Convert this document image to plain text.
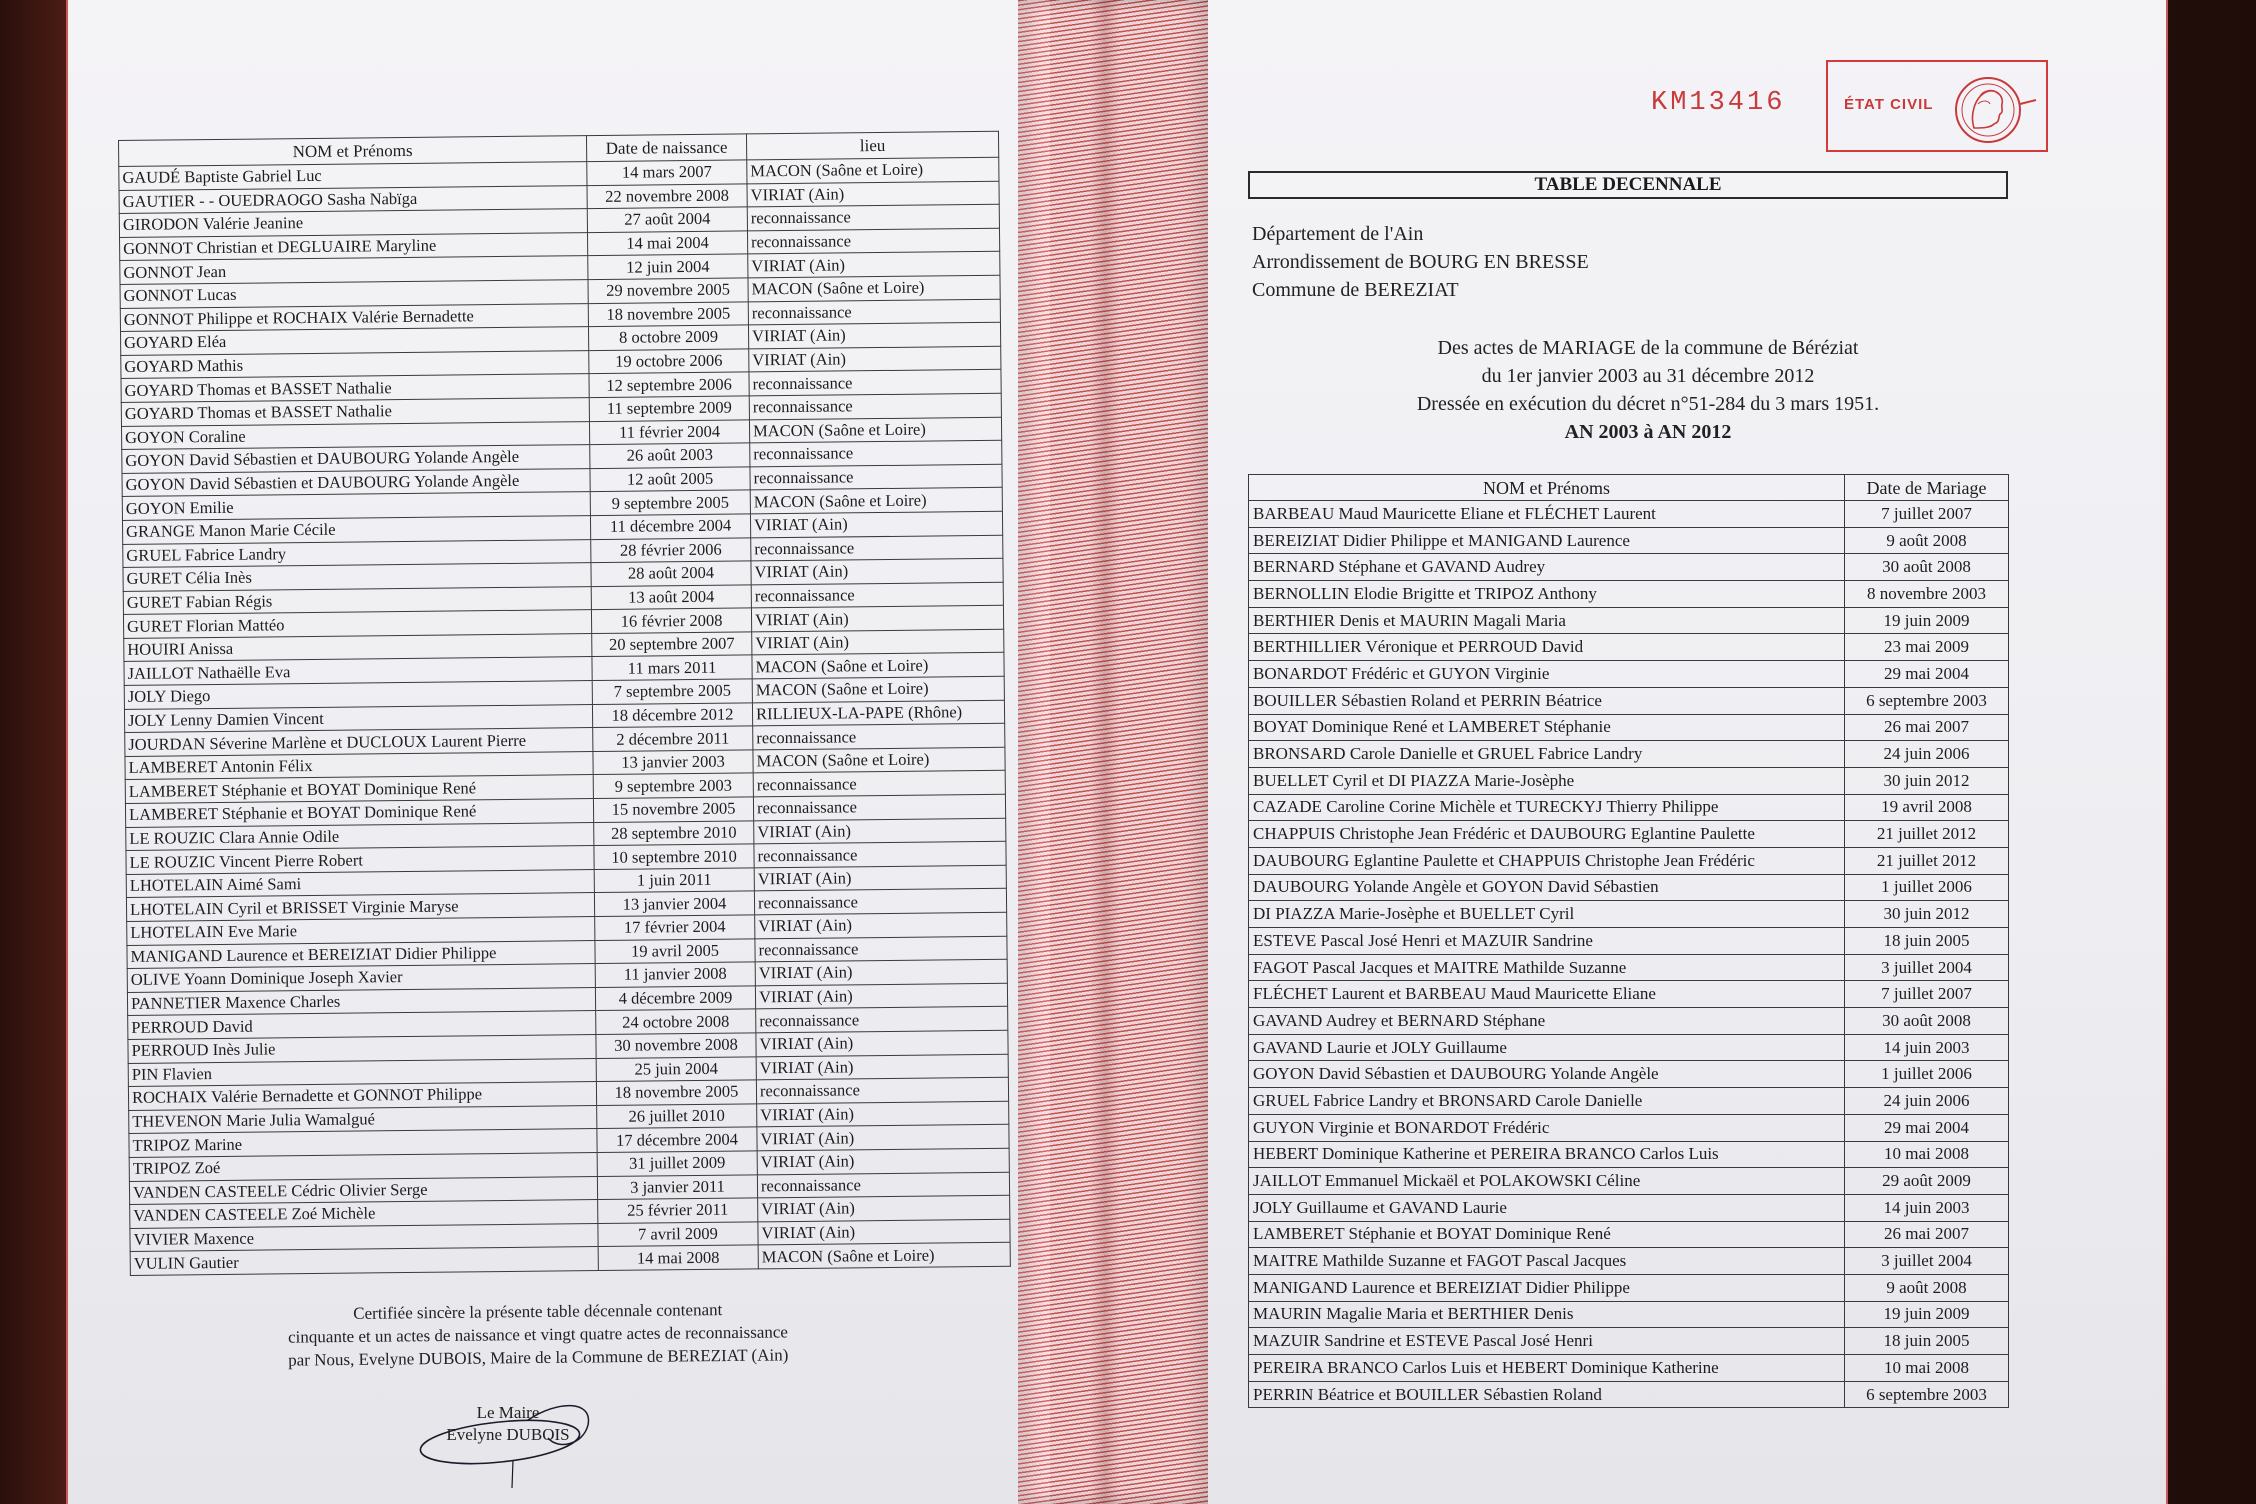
NOM et Prénoms	Date de naissance	lieu
GAUDÉ Baptiste Gabriel Luc	14 mars 2007	MACON (Saône et Loire)
GAUTIER - - OUEDRAOGO Sasha Nabïga	22 novembre 2008	VIRIAT (Ain)
GIRODON Valérie Jeanine	27 août 2004	reconnaissance
GONNOT Christian et DEGLUAIRE Maryline	14 mai 2004	reconnaissance
GONNOT Jean	12 juin 2004	VIRIAT (Ain)
GONNOT Lucas	29 novembre 2005	MACON (Saône et Loire)
GONNOT Philippe et ROCHAIX Valérie Bernadette	18 novembre 2005	reconnaissance
GOYARD Eléa	8 octobre 2009	VIRIAT (Ain)
GOYARD Mathis	19 octobre 2006	VIRIAT (Ain)
GOYARD Thomas et BASSET Nathalie	12 septembre 2006	reconnaissance
GOYARD Thomas et BASSET Nathalie	11 septembre 2009	reconnaissance
GOYON Coraline	11 février 2004	MACON (Saône et Loire)
GOYON David Sébastien et DAUBOURG Yolande Angèle	26 août 2003	reconnaissance
GOYON David Sébastien et DAUBOURG Yolande Angèle	12 août 2005	reconnaissance
GOYON Emilie	9 septembre 2005	MACON (Saône et Loire)
GRANGE Manon Marie Cécile	11 décembre 2004	VIRIAT (Ain)
GRUEL Fabrice Landry	28 février 2006	reconnaissance
GURET Célia Inès	28 août 2004	VIRIAT (Ain)
GURET Fabian Régis	13 août 2004	reconnaissance
GURET Florian Mattéo	16 février 2008	VIRIAT (Ain)
HOUIRI Anissa	20 septembre 2007	VIRIAT (Ain)
JAILLOT Nathaëlle Eva	11 mars 2011	MACON (Saône et Loire)
JOLY Diego	7 septembre 2005	MACON (Saône et Loire)
JOLY Lenny Damien Vincent	18 décembre 2012	RILLIEUX-LA-PAPE (Rhône)
JOURDAN Séverine Marlène et DUCLOUX Laurent Pierre	2 décembre 2011	reconnaissance
LAMBERET Antonin Félix	13 janvier 2003	MACON (Saône et Loire)
LAMBERET Stéphanie et BOYAT Dominique René	9 septembre 2003	reconnaissance
LAMBERET Stéphanie et BOYAT Dominique René	15 novembre 2005	reconnaissance
LE ROUZIC Clara Annie Odile	28 septembre 2010	VIRIAT (Ain)
LE ROUZIC Vincent Pierre Robert	10 septembre 2010	reconnaissance
LHOTELAIN Aimé Sami	1 juin 2011	VIRIAT (Ain)
LHOTELAIN Cyril et BRISSET Virginie Maryse	13 janvier 2004	reconnaissance
LHOTELAIN Eve Marie	17 février 2004	VIRIAT (Ain)
MANIGAND Laurence et BEREIZIAT Didier Philippe	19 avril 2005	reconnaissance
OLIVE Yoann Dominique Joseph Xavier	11 janvier 2008	VIRIAT (Ain)
PANNETIER Maxence Charles	4 décembre 2009	VIRIAT (Ain)
PERROUD David	24 octobre 2008	reconnaissance
PERROUD Inès Julie	30 novembre 2008	VIRIAT (Ain)
PIN Flavien	25 juin 2004	VIRIAT (Ain)
ROCHAIX Valérie Bernadette et GONNOT Philippe	18 novembre 2005	reconnaissance
THEVENON Marie Julia Wamalgué	26 juillet 2010	VIRIAT (Ain)
TRIPOZ Marine	17 décembre 2004	VIRIAT (Ain)
TRIPOZ Zoé	31 juillet 2009	VIRIAT (Ain)
VANDEN CASTEELE Cédric Olivier Serge	3 janvier 2011	reconnaissance
VANDEN CASTEELE Zoé Michèle	25 février 2011	VIRIAT (Ain)
VIVIER Maxence	7 avril 2009	VIRIAT (Ain)
VULIN Gautier	14 mai 2008	MACON (Saône et Loire)
Certifiée sincère la présente table décennale contenant
cinquante et un actes de naissance et vingt quatre actes de reconnaissance
par Nous, Evelyne DUBOIS, Maire de la Commune de BEREZIAT (Ain)
Le Maire
Evelyne DUBOIS
KM13416	ÉTAT CIVIL
TABLE DECENNALE
Département de l'Ain
Arrondissement de BOURG EN BRESSE
Commune de BEREZIAT
Des actes de MARIAGE de la commune de Béréziat
du 1er janvier 2003 au 31 décembre 2012
Dressée en exécution du décret n°51-284 du 3 mars 1951.
AN 2003 à AN 2012
NOM et Prénoms	Date de Mariage
BARBEAU Maud Mauricette Eliane et FLÉCHET Laurent	7 juillet 2007
BEREIZIAT Didier Philippe et MANIGAND Laurence	9 août 2008
BERNARD Stéphane et GAVAND Audrey	30 août 2008
BERNOLLIN Elodie Brigitte et TRIPOZ Anthony	8 novembre 2003
BERTHIER Denis et MAURIN Magali Maria	19 juin 2009
BERTHILLIER Véronique et PERROUD David	23 mai 2009
BONARDOT Frédéric et GUYON Virginie	29 mai 2004
BOUILLER Sébastien Roland et PERRIN Béatrice	6 septembre 2003
BOYAT Dominique René et LAMBERET Stéphanie	26 mai 2007
BRONSARD Carole Danielle et GRUEL Fabrice Landry	24 juin 2006
BUELLET Cyril et DI PIAZZA Marie-Josèphe	30 juin 2012
CAZADE Caroline Corine Michèle et TURECKYJ Thierry Philippe	19 avril 2008
CHAPPUIS Christophe Jean Frédéric et DAUBOURG Eglantine Paulette	21 juillet 2012
DAUBOURG Eglantine Paulette et CHAPPUIS Christophe Jean Frédéric	21 juillet 2012
DAUBOURG Yolande Angèle et GOYON David Sébastien	1 juillet 2006
DI PIAZZA Marie-Josèphe et BUELLET Cyril	30 juin 2012
ESTEVE Pascal José Henri et MAZUIR Sandrine	18 juin 2005
FAGOT Pascal Jacques et MAITRE Mathilde Suzanne	3 juillet 2004
FLÉCHET Laurent et BARBEAU Maud Mauricette Eliane	7 juillet 2007
GAVAND Audrey et BERNARD Stéphane	30 août 2008
GAVAND Laurie et JOLY Guillaume	14 juin 2003
GOYON David Sébastien et DAUBOURG Yolande Angèle	1 juillet 2006
GRUEL Fabrice Landry et BRONSARD Carole Danielle	24 juin 2006
GUYON Virginie et BONARDOT Frédéric	29 mai 2004
HEBERT Dominique Katherine et PEREIRA BRANCO Carlos Luis	10 mai 2008
JAILLOT Emmanuel Mickaël et POLAKOWSKI Céline	29 août 2009
JOLY Guillaume et GAVAND Laurie	14 juin 2003
LAMBERET Stéphanie et BOYAT Dominique René	26 mai 2007
MAITRE Mathilde Suzanne et FAGOT Pascal Jacques	3 juillet 2004
MANIGAND Laurence et BEREIZIAT Didier Philippe	9 août 2008
MAURIN Magalie Maria et BERTHIER Denis	19 juin 2009
MAZUIR Sandrine et ESTEVE Pascal José Henri	18 juin 2005
PEREIRA BRANCO Carlos Luis et HEBERT Dominique Katherine	10 mai 2008
PERRIN Béatrice et BOUILLER Sébastien Roland	6 septembre 2003
